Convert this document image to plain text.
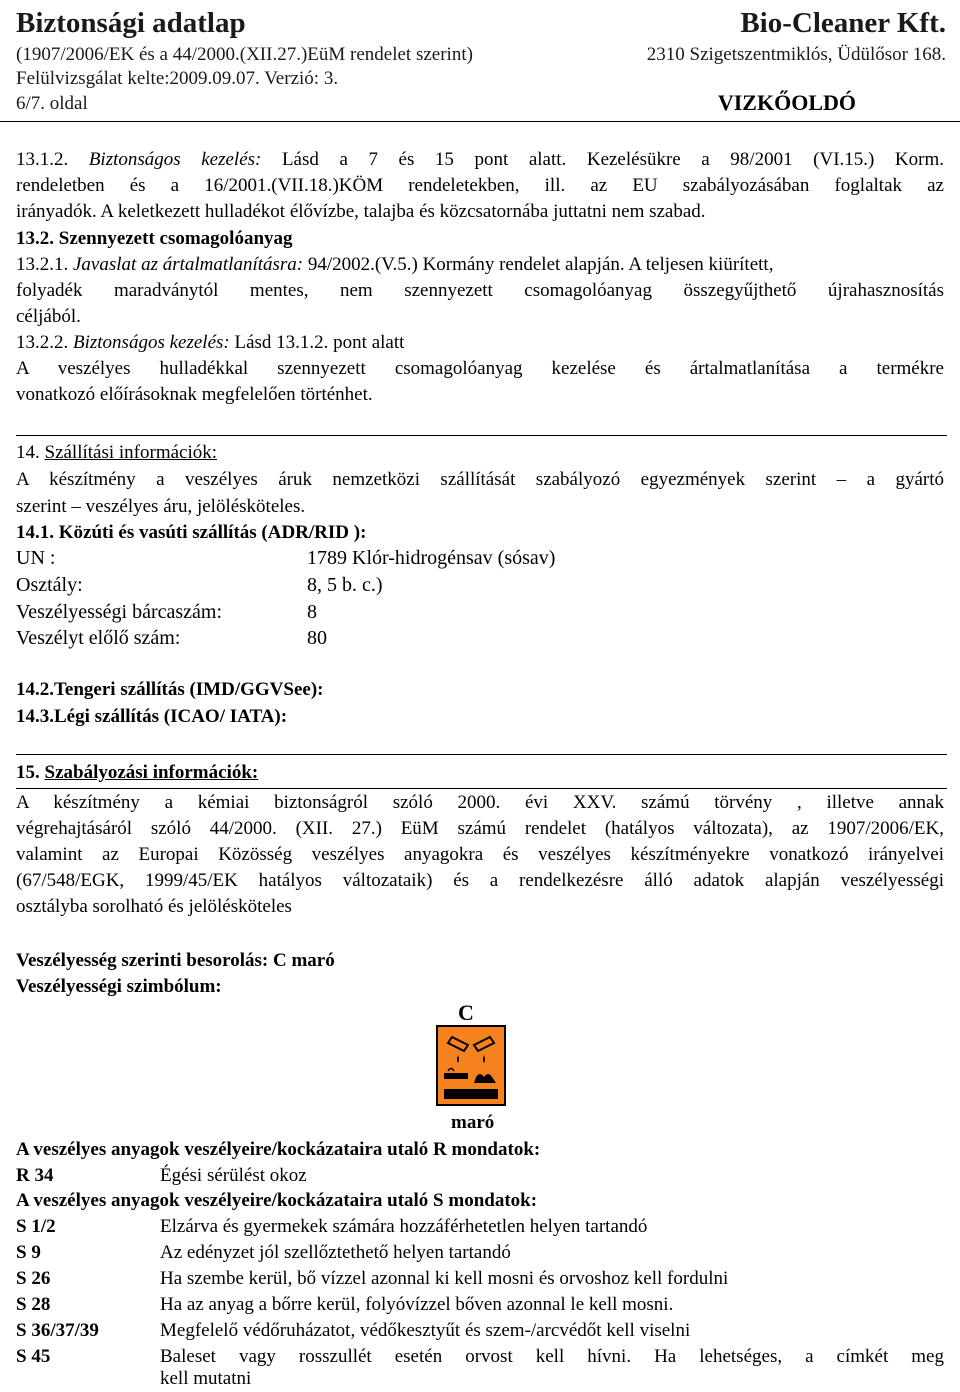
Biztonsági adatlap	Bio-Cleaner Kft.
(1907/2006/EK és a 44/2000.(XII.27.)EüM rendelet szerint)	2310 Szigetszentmiklós, Üdülősor 168.
Felülvizsgálat kelte:2009.09.07. Verzió: 3.
6/7. oldal	VIZKŐOLDÓ
13.1.2. Biztonságos kezelés: Lásd a 7 és 15 pont alatt. Kezelésükre a 98/2001 (VI.15.) Korm.
rendeletben és a 16/2001.(VII.18.)KÖM rendeletekben, ill. az EU szabályozásában foglaltak az
irányadók. A keletkezett hulladékot élővízbe, talajba és közcsatornába juttatni nem szabad.
13.2. Szennyezett csomagolóanyag
13.2.1. Javaslat az ártalmatlanításra: 94/2002.(V.5.) Kormány rendelet alapján. A teljesen kiürített,
folyadék maradványtól mentes, nem szennyezett csomagolóanyag összegyűjthető újrahasznosítás
céljából.
13.2.2. Biztonságos kezelés: Lásd 13.1.2. pont alatt
A veszélyes hulladékkal szennyezett csomagolóanyag kezelése és ártalmatlanítása a termékre
vonatkozó előírásoknak megfelelően történhet.
14. Szállítási információk:
A készítmény a veszélyes áruk nemzetközi szállítását szabályozó egyezmények szerint – a gyártó
szerint – veszélyes áru, jelölésköteles.
14.1. Közúti és vasúti szállítás (ADR/RID ):
UN :	1789 Klór-hidrogénsav (sósav)
Osztály:	8, 5 b. c.)
Veszélyességi bárcaszám:	8
Veszélyt előlő szám:	80
14.2.Tengeri szállítás (IMD/GGVSee):
14.3.Légi szállítás (ICAO/ IATA):
15. Szabályozási információk:
A készítmény a kémiai biztonságról szóló 2000. évi XXV. számú törvény , illetve annak
végrehajtásáról szóló 44/2000. (XII. 27.) EüM számú rendelet (hatályos változata), az 1907/2006/EK,
valamint az Europai Közösség veszélyes anyagokra és veszélyes készítményekre vonatkozó irányelvei
(67/548/EGK, 1999/45/EK hatályos változataik) és a rendelkezésre álló adatok alapján veszélyességi
osztályba sorolható és jelölésköteles
Veszélyesség szerinti besorolás: C maró
Veszélyességi szimbólum:
C
maró
A veszélyes anyagok veszélyeire/kockázataira utaló R mondatok:
R 34	Égési sérülést okoz
A veszélyes anyagok veszélyeire/kockázataira utaló S mondatok:
S 1/2	Elzárva és gyermekek számára hozzáférhetetlen helyen tartandó
S 9	Az edényzet jól szellőztethető helyen tartandó
S 26	Ha szembe kerül, bő vízzel azonnal ki kell mosni és orvoshoz kell fordulni
S 28	Ha az anyag a bőrre kerül, folyóvízzel bőven azonnal le kell mosni.
S 36/37/39	Megfelelő védőruházatot, védőkesztyűt és szem-/arcvédőt kell viselni
S 45	Baleset vagy rosszullét esetén orvost kell hívni. Ha lehetséges, a címkét meg
kell mutatni
